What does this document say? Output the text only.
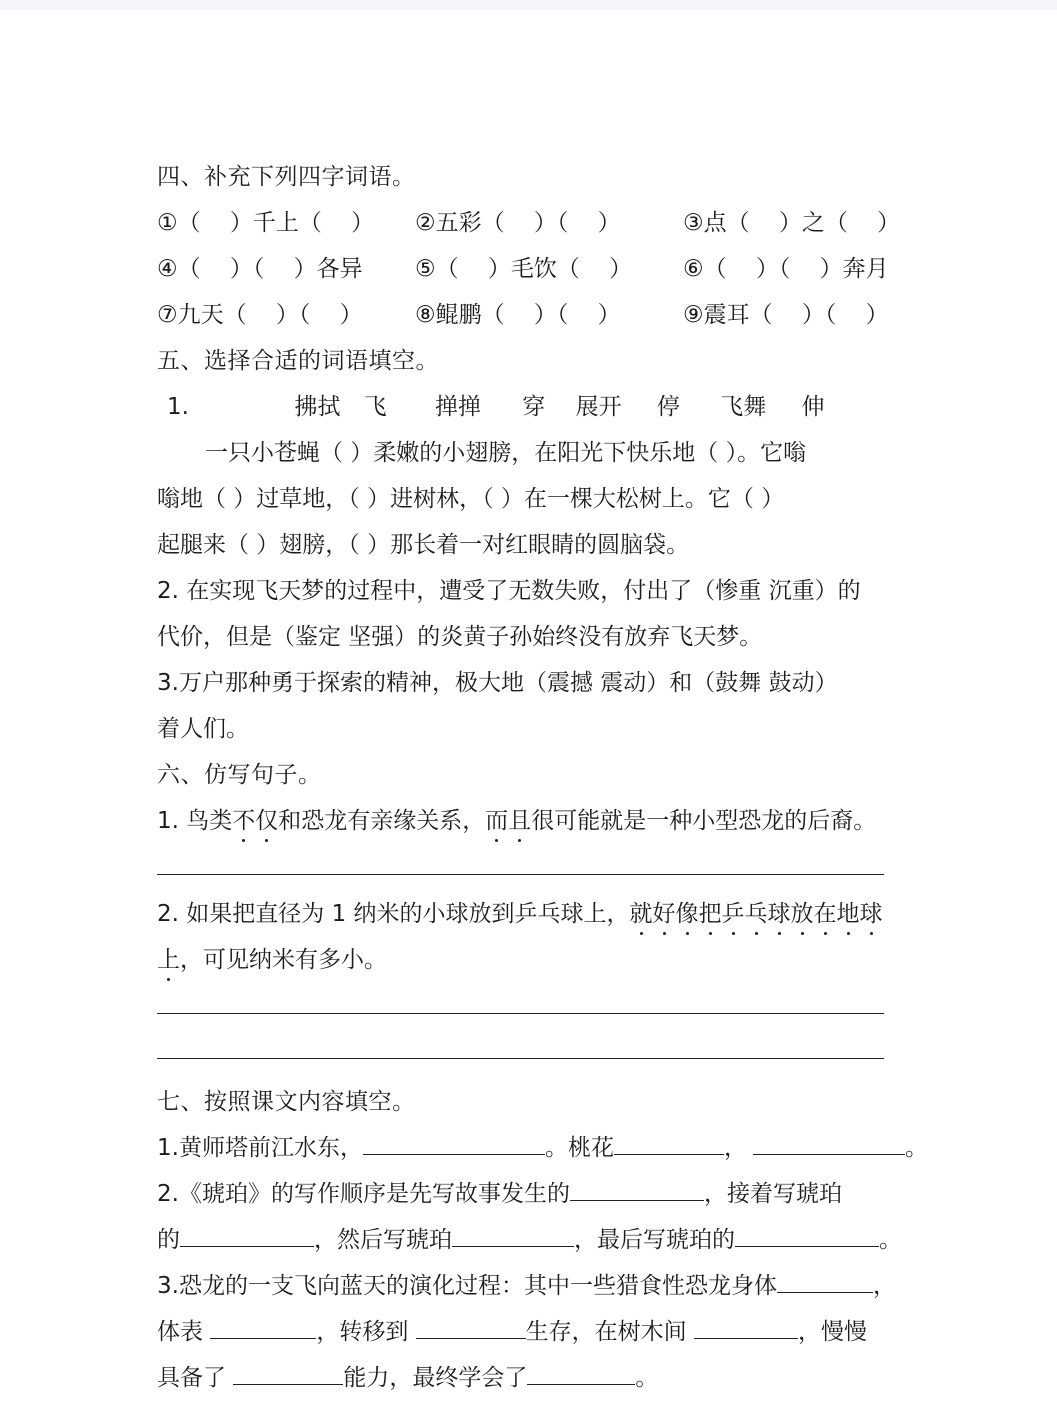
四、补充下列四字词语。
①（    ）千上（    ）	②五彩（    ）（    ）	③点（    ）之（    ）
④（    ）（    ）各异	⑤（    ）毛饮（    ）	⑥（    ）（    ）奔月
⑦九天（    ）（    ）	⑧鲲鹏（    ）（    ）	⑨震耳（    ）（    ）
五、选择合适的词语填空。
1.	拂拭 飞 掸掸 穿 展开 停 飞舞 伸
一只小苍蝇（ ）柔嫩的小翅膀，在阳光下快乐地（ ）。它嗡
嗡地（ ）过草地，（ ）进树林，（ ）在一棵大松树上。它（ ）
起腿来（ ）翅膀，（ ）那长着一对红眼睛的圆脑袋。
2. 在实现飞天梦的过程中，遭受了无数失败，付出了（惨重 沉重）的
代价，但是（鉴定 坚强）的炎黄子孙始终没有放弃飞天梦。
3.万户那种勇于探索的精神，极大地（震撼 震动）和（鼓舞 鼓动）
着人们。
六、仿写句子。
1. 鸟类不仅和恐龙有亲缘关系，而且很可能就是一种小型恐龙的后裔。
2. 如果把直径为 1 纳米的小球放到乒乓球上，就好像把乒乓球放在地球
上，可见纳米有多小。
七、按照课文内容填空。
1.黄师塔前江水东，	。桃花	，	。
2.《琥珀》的写作顺序是先写故事发生的	，接着写琥珀
的	，然后写琥珀	，最后写琥珀的	。
3.恐龙的一支飞向蓝天的演化过程：其中一些猎食性恐龙身体	，
体表	，转移到	生存，在树木间	，慢慢
具备了	能力，最终学会了	。
